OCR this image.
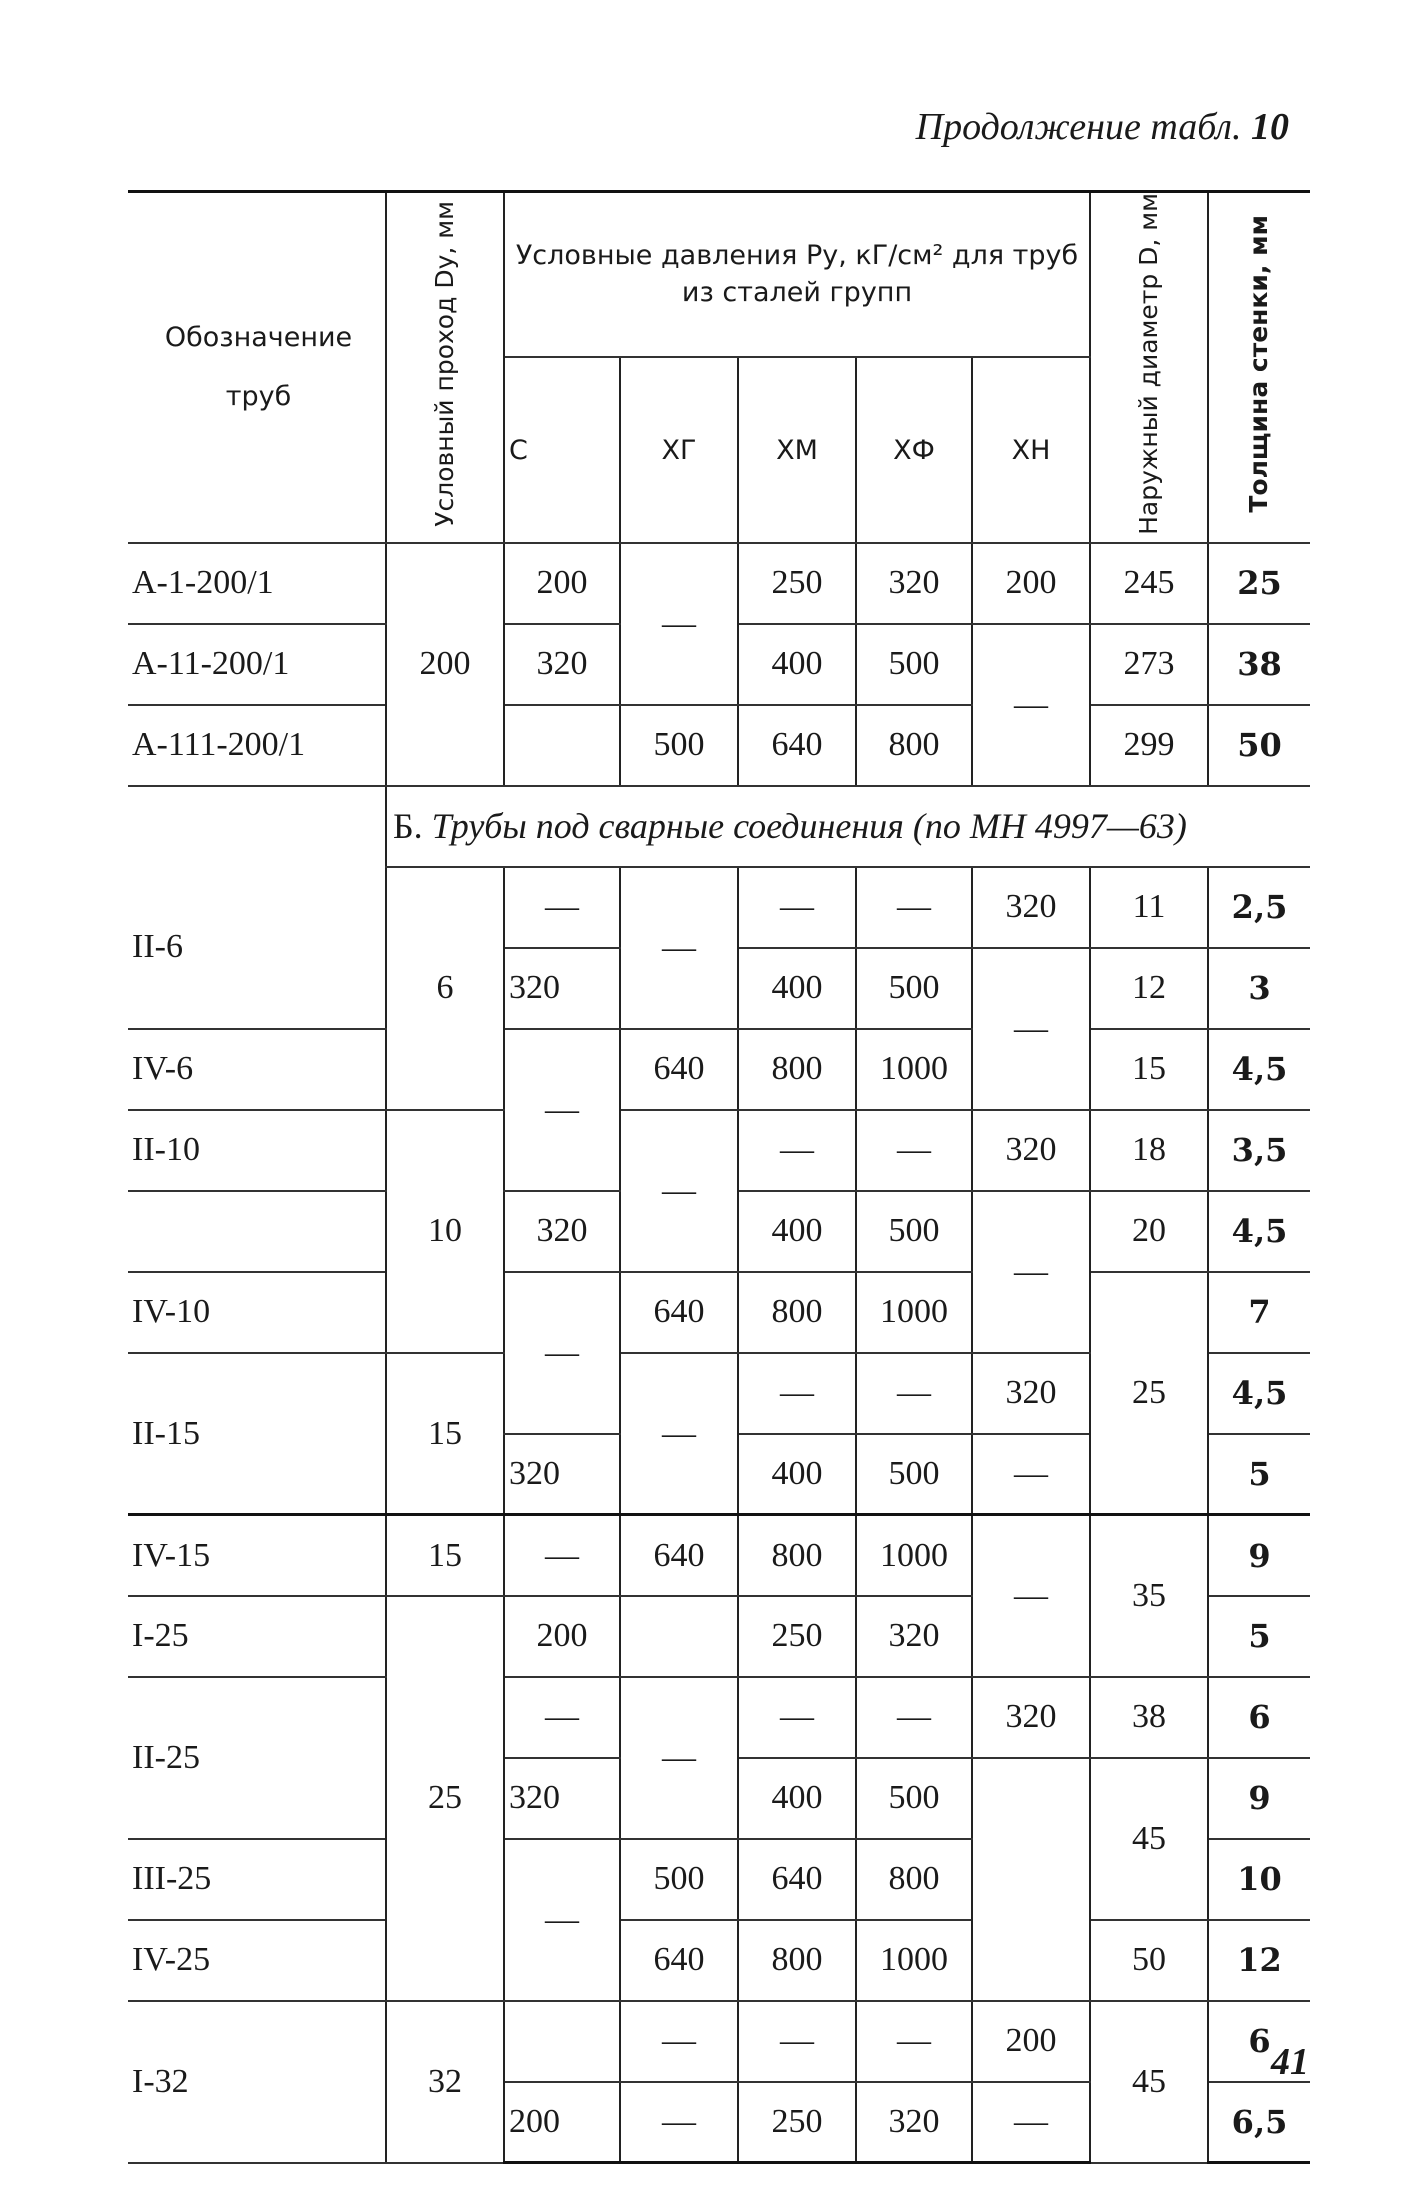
Продолжение табл. 10
Обозначение труб	Условный проход Dу, мм	Условные давления Pу, кГ/см² для труб из сталей групп					Наружный диаметр D, мм	Толщина стенки, мм
		С	ХГ	ХМ	ХФ	ХН		
А-1-200/1	200	200	—	250	320	200	245	25
А-11-200/1		320		400	500	—	273	38
А-111-200/1			500	640	800		299	50
	Б. Трубы под сварные соединения (по МН 4997—63)							
II-6	6	—	—	—	—	320	11	2,5
		320		400	500	—	12	3
IV-6		—	640	800	1000		15	4,5
II-10	10		—	—	—	320	18	3,5
		320		400	500	—	20	4,5
IV-10		—	640	800	1000		25	7
II-15	15		—	—	—	320		4,5
		320		400	500	—		5
IV-15	15	—	640	800	1000	—	35	9
I-25	25	200		250	320			5
II-25		—	—	—	—	320	38	6
		320		400	500		45	9
III-25		—	500	640	800			10
IV-25			640	800	1000		50	12
I-32	32		—	—	—	200	45	6
		200	—	250	320	—		6,5
41
